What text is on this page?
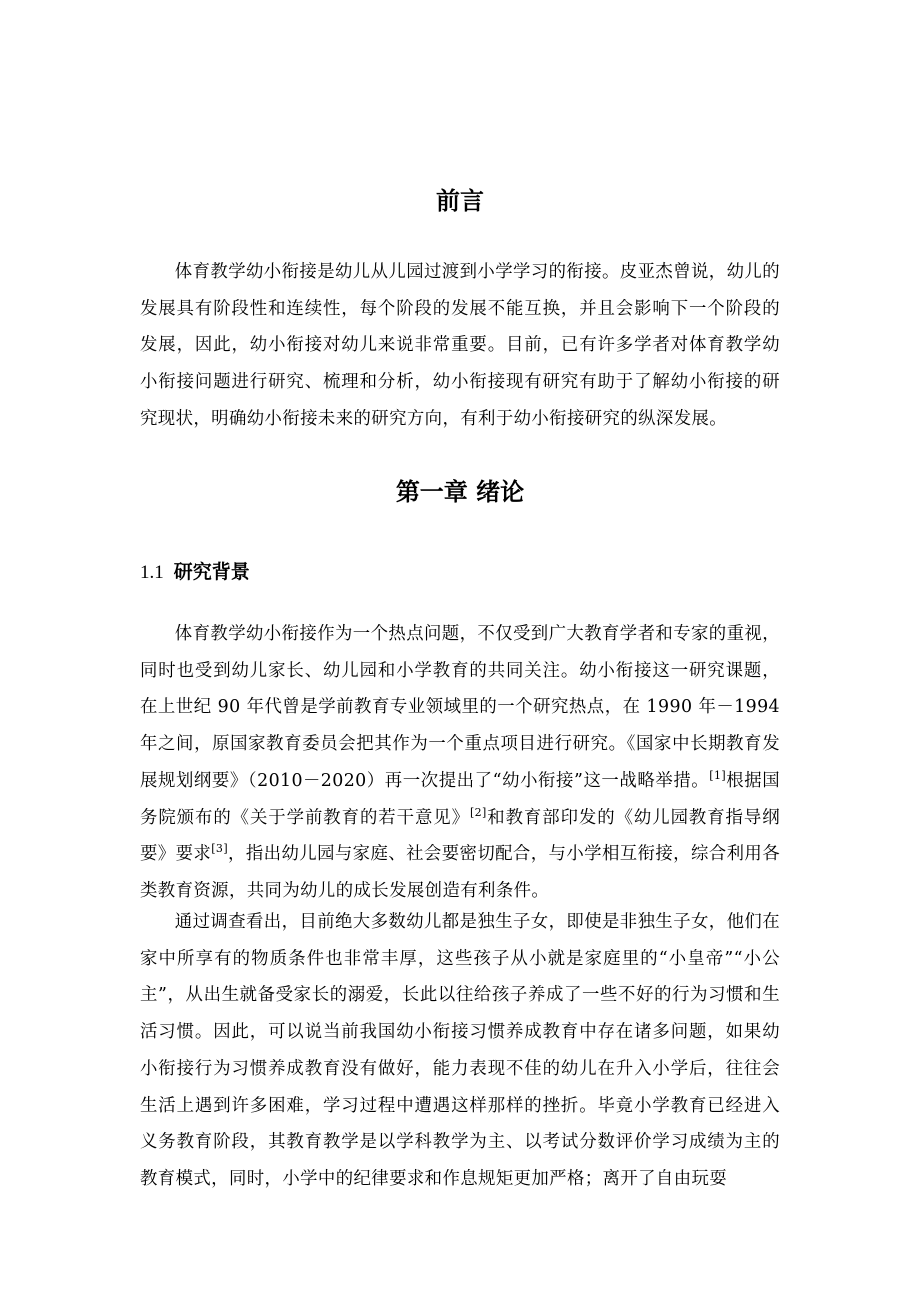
前言

体育教学幼小衔接是幼儿从儿园过渡到小学学习的衔接。皮亚杰曾说，幼儿的发展具有阶段性和连续性，每个阶段的发展不能互换，并且会影响下一个阶段的发展，因此，幼小衔接对幼儿来说非常重要。目前，已有许多学者对体育教学幼小衔接问题进行研究、梳理和分析，幼小衔接现有研究有助于了解幼小衔接的研究现状，明确幼小衔接未来的研究方向，有利于幼小衔接研究的纵深发展。

第一章 绪论
1.1 研究背景

体育教学幼小衔接作为一个热点问题，不仅受到广大教育学者和专家的重视，同时也受到幼儿家长、幼儿园和小学教育的共同关注。幼小衔接这一研究课题，在上世纪 90 年代曾是学前教育专业领域里的一个研究热点，在 1990 年－1994 年之间，原国家教育委员会把其作为一个重点项目进行研究。《国家中长期教育发展规划纲要》（2010－2020）再一次提出了“幼小衔接”这一战略举措。[1]根据国务院颁布的《关于学前教育的若干意见》[2]和教育部印发的《幼儿园教育指导纲要》要求[3]，指出幼儿园与家庭、社会要密切配合，与小学相互衔接，综合利用各类教育资源，共同为幼儿的成长发展创造有利条件。

通过调查看出，目前绝大多数幼儿都是独生子女，即使是非独生子女，他们在家中所享有的物质条件也非常丰厚，这些孩子从小就是家庭里的“小皇帝”“小公主”，从出生就备受家长的溺爱，长此以往给孩子养成了一些不好的行为习惯和生活习惯。因此，可以说当前我国幼小衔接习惯养成教育中存在诸多问题，如果幼小衔接行为习惯养成教育没有做好，能力表现不佳的幼儿在升入小学后，往往会生活上遇到许多困难，学习过程中遭遇这样那样的挫折。毕竟小学教育已经进入义务教育阶段，其教育教学是以学科教学为主、以考试分数评价学习成绩为主的教育模式，同时，小学中的纪律要求和作息规矩更加严格；离开了自由玩耍
